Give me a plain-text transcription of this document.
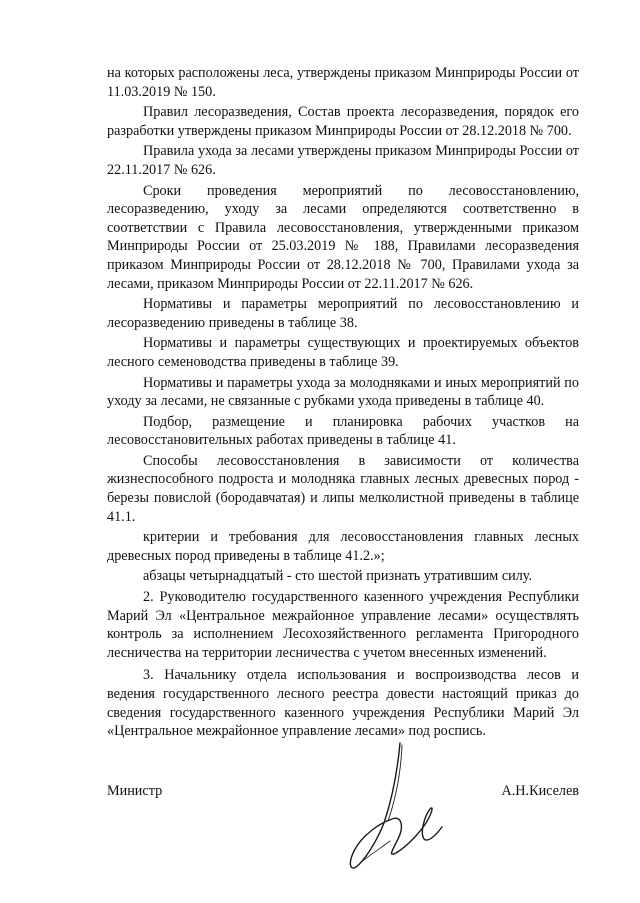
на которых расположены леса, утверждены приказом Минприроды России от 11.03.2019 № 150.

Правил лесоразведения, Состав проекта лесоразведения, порядок его разработки утверждены приказом Минприроды России от 28.12.2018 № 700.

Правила ухода за лесами утверждены приказом Минприроды России от 22.11.2017 № 626.

Сроки проведения мероприятий по лесовосстановлению, лесоразведению, уходу за лесами определяются соответственно в соответствии с Правила лесовосстановления, утвержденными приказом Минприроды России от 25.03.2019 № 188, Правилами лесоразведения приказом Минприроды России от 28.12.2018 № 700, Правилами ухода за лесами, приказом Минприроды России от 22.11.2017 № 626.

Нормативы и параметры мероприятий по лесовосстановлению и лесоразведению приведены в таблице 38.

Нормативы и параметры существующих и проектируемых объектов лесного семеноводства приведены в таблице 39.

Нормативы и параметры ухода за молодняками и иных мероприятий по уходу за лесами, не связанные с рубками ухода приведены в таблице 40.

Подбор, размещение и планировка рабочих участков на лесовосстановительных работах приведены в таблице 41.

Способы лесовосстановления в зависимости от количества жизнеспособного подроста и молодняка главных лесных древесных пород - березы повислой (бородавчатая) и липы мелколистной приведены в таблице 41.1.

критерии и требования для лесовосстановления главных лесных древесных пород приведены в таблице 41.2.»;

абзацы четырнадцатый - сто шестой признать утратившим силу.

2. Руководителю государственного казенного учреждения Республики Марий Эл «Центральное межрайонное управление лесами» осуществлять контроль за исполнением Лесохозяйственного регламента Пригородного лесничества на территории лесничества с учетом внесенных изменений.

3. Начальнику отдела использования и воспроизводства лесов и ведения государственного лесного реестра довести настоящий приказ до сведения государственного казенного учреждения Республики Марий Эл «Центральное межрайонное управление лесами» под роспись.

Министр	А.Н.Киселев
